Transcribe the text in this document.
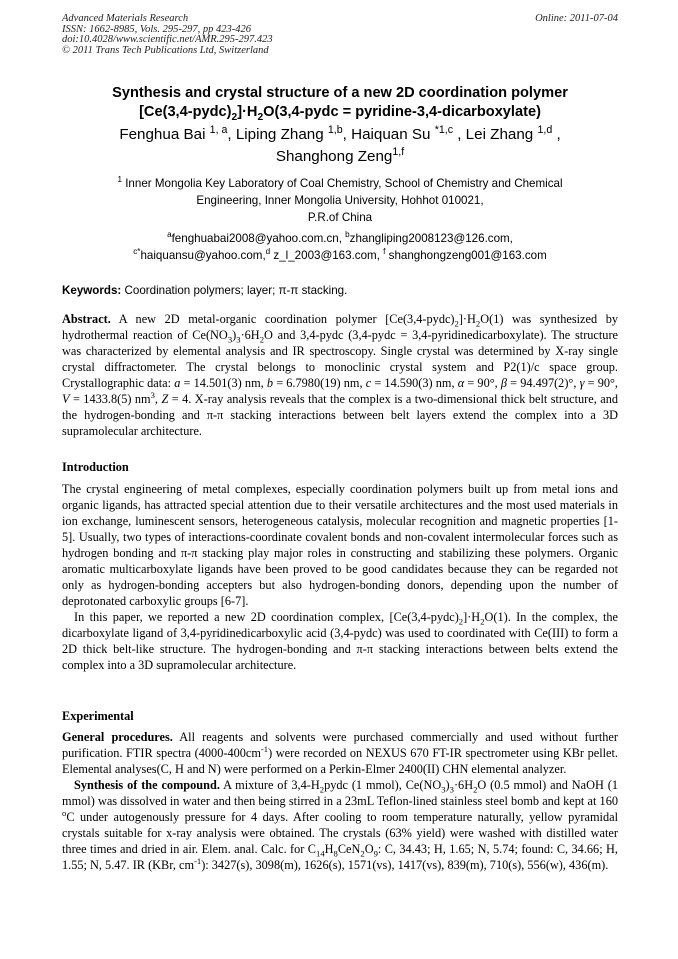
Advanced Materials Research
ISSN: 1662-8985, Vols. 295-297, pp 423-426
doi:10.4028/www.scientific.net/AMR.295-297.423
© 2011 Trans Tech Publications Ltd, Switzerland
Online: 2011-07-04
Synthesis and crystal structure of a new 2D coordination polymer
$[Ce(3,4-pydc)_2]\cdot H_2O(3,4$-pydc = pyridine-3,4-dicarboxylate)
Fenghua Bai $^{1, a}$, Liping Zhang $^{1,b}$, Haiquan Su $^{*1,c}$ , Lei Zhang $^{1,d}$ ,
Shanghong Zeng$^{1,f}$
$^1$ Inner Mongolia Key Laboratory of Coal Chemistry, School of Chemistry and Chemical
Engineering, Inner Mongolia University, Hohhot 010021,
P.R.of China
$^a$fenghuabai2008@yahoo.com.cn, $^b$zhangliping2008123@126.com,
$^{c*}$haiquansu@yahoo.com,$^d$ z_l_2003@163.com, $^f$ shanghongzeng001@163.com
Keywords: Coordination polymers; layer; π-π stacking.

Abstract. A new 2D metal-organic coordination polymer $[Ce(3,4-pydc)_2]\cdot H_2O(1)$ was synthesized by hydrothermal reaction of $Ce(NO_3)_3\cdot 6H_2O$ and 3,4-pydc (3,4-pydc = 3,4-pyridinedicarboxylate). The structure was characterized by elemental analysis and IR spectroscopy. Single crystal was determined by X-ray single crystal diffractometer. The crystal belongs to monoclinic crystal system and P2(1)/c space group. Crystallographic data: a = 14.501(3) nm, b = 6.7980(19) nm, c = 14.590(3) nm, α = 90°, β = 94.497(2)°, γ = 90°, V = 1433.8(5) $nm^3$, Z = 4. X-ray analysis reveals that the complex is a two-dimensional thick belt structure, and the hydrogen-bonding and π-π stacking interactions between belt layers extend the complex into a 3D supramolecular architecture.

Introduction

The crystal engineering of metal complexes, especially coordination polymers built up from metal ions and organic ligands, has attracted special attention due to their versatile architectures and the most used materials in ion exchange, luminescent sensors, heterogeneous catalysis, molecular recognition and magnetic properties [1-5]. Usually, two types of interactions-coordinate covalent bonds and non-covalent intermolecular forces such as hydrogen bonding and π-π stacking play major roles in constructing and stabilizing these polymers. Organic aromatic multicarboxylate ligands have been proved to be good candidates because they can be regarded not only as hydrogen-bonding accepters but also hydrogen-bonding donors, depending upon the number of deprotonated carboxylic groups [6-7].

In this paper, we reported a new 2D coordination complex, $[Ce(3,4-pydc)_2]\cdot H_2O(1)$. In the complex, the dicarboxylate ligand of 3,4-pyridinedicarboxylic acid (3,4-pydc) was used to coordinated with Ce(III) to form a 2D thick belt-like structure. The hydrogen-bonding and π-π stacking interactions between belts extend the complex into a 3D supramolecular architecture.

Experimental

General procedures. All reagents and solvents were purchased commercially and used without further purification. FTIR spectra $(4000-400cm^{-1})$ were recorded on NEXUS 670 FT-IR spectrometer using KBr pellet. Elemental analyses(C, H and N) were performed on a Perkin-Elmer 2400(II) CHN elemental analyzer.

Synthesis of the compound. A mixture of $3,4-H_2pydc$ (1 mmol), $Ce(NO_3)_3\cdot 6H_2O$ (0.5 mmol) and NaOH (1 mmol) was dissolved in water and then being stirred in a 23mL Teflon-lined stainless steel bomb and kept at 160 $^o$C under autogenously pressure for 4 days. After cooling to room temperature naturally, yellow pyramidal crystals suitable for x-ray analysis were obtained. The crystals (63% yield) were washed with distilled water three times and dried in air. Elem. anal. Calc. for $C_{14}H_8CeN_2O_9$: C, 34.43; H, 1.65; N, 5.74; found: C, 34.66; H, 1.55; N, 5.47. IR (KBr, $cm^{-1}$): 3427(s), 3098(m), 1626(s), 1571(vs), 1417(vs), 839(m), 710(s), 556(w), 436(m).
